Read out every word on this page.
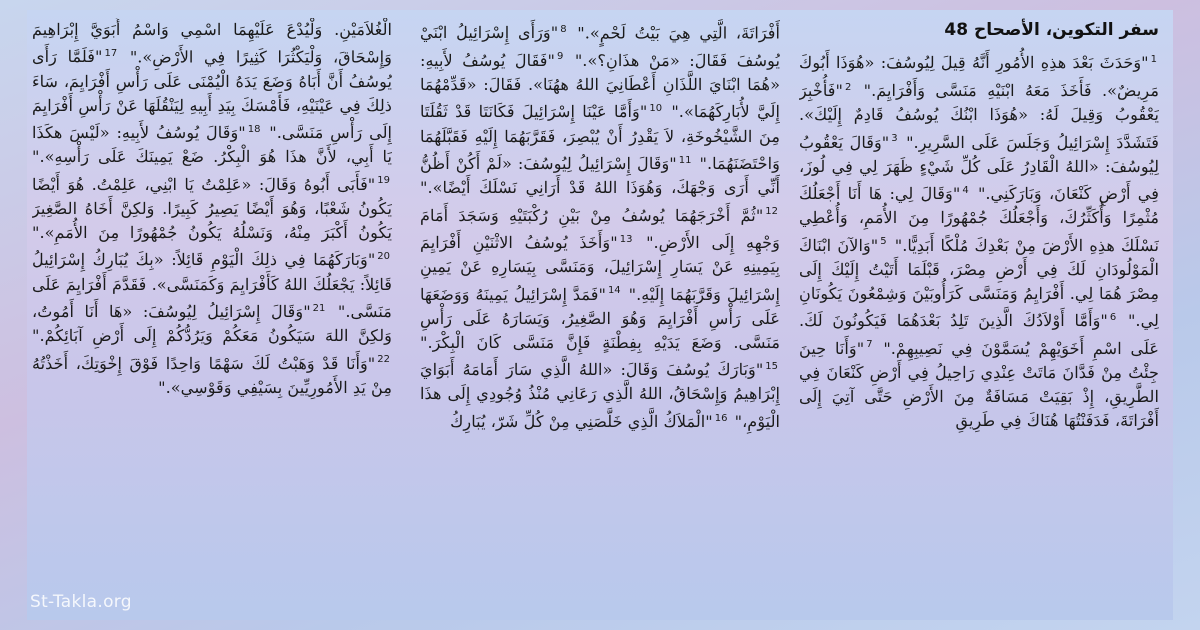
سفر التكوين، الأصحاح 48
$^1$"وَحَدَثَ بَعْدَ هذِهِ الأُمُورِ أَنَّهُ قِيلَ لِيُوسُفَ: «هُوَذَا أَبُوكَ مَرِيضٌ». فَأَخَذَ مَعَهُ ابْنَيْهِ مَنَسَّى وَأَفْرَايِمَ." $^2$"فَأُخْبِرَ يَعْقُوبُ وَقِيلَ لَهُ: «هُوَذَا ابْنُكَ يُوسُفُ قَادِمٌ إِلَيْكَ». فَتَشَدَّدَ إِسْرَائِيلُ وَجَلَسَ عَلَى السَّرِيرِ." $^3$"وَقَالَ يَعْقُوبُ لِيُوسُفَ: «اللهُ الْقَادِرُ عَلَى كُلِّ شَيْءٍ ظَهَرَ لِي فِي لُوزَ، فِي أَرْضِ كَنْعَانَ، وَبَارَكَنِي." $^4$"وَقَالَ لِي: هَا أَنَا أَجْعَلُكَ مُثْمِرًا وَأُكَثِّرُكَ، وَأَجْعَلُكَ جُمْهُورًا مِنَ الأُمَمِ، وَأُعْطِي نَسْلَكَ هذِهِ الأَرْضَ مِنْ بَعْدِكَ مُلْكًا أَبَدِيًّا." $^5$"وَالآنَ ابْنَاكَ الْمَوْلُودَانِ لَكَ فِي أَرْضِ مِصْرَ، قَبْلَمَا أَتَيْتُ إِلَيْكَ إِلَى مِصْرَ هُمَا لِي. أَفْرَايِمُ وَمَنَسَّى كَرَأُوبَيْنَ وَشِمْعُونَ يَكُونَانِ لِي." $^6$"وَأَمَّا أَوْلاَدُكَ الَّذِينَ تَلِدُ بَعْدَهُمَا فَيَكُونُونَ لَكَ. عَلَى اسْمِ أَخَوَيْهِمْ يُسَمَّوْنَ فِي نَصِيبِهِمْ." $^7$"وَأَنَا حِينَ جِئْتُ مِنْ فَدَّانَ مَاتَتْ عِنْدِي رَاحِيلُ فِي أَرْضِ كَنْعَانَ فِي الطَّرِيقِ، إِذْ بَقِيَتْ مَسَافَةٌ مِنَ الأَرْضِ حَتَّى آتِيَ إِلَى أَفْرَاتَةَ، فَدَفَنْتُهَا هُنَاكَ فِي طَرِيقِ
أَفْرَاتَةَ، الَّتِي هِيَ بَيْتُ لَحْمٍ»." $^8$"وَرَأَى إِسْرَائِيلُ ابْنَيْ يُوسُفَ فَقَالَ: «مَنْ هذَانِ؟»." $^9$"فَقَالَ يُوسُفُ لأَبِيهِ: «هُمَا ابْنَايَ اللَّذَانِ أَعْطَانِيَ اللهُ ههُنَا». فَقَالَ: «قَدِّمْهُمَا إِلَيَّ لأُبَارِكَهُمَا»." $^{10}$"وَأَمَّا عَيْنَا إِسْرَائِيلَ فَكَانَتَا قَدْ ثَقُلَتَا مِنَ الشَّيْخُوخَةِ، لاَ يَقْدِرُ أَنْ يُبْصِرَ، فَقَرَّبَهُمَا إِلَيْهِ فَقَبَّلَهُمَا وَاحْتَضَنَهُمَا." $^{11}$"وَقَالَ إِسْرَائِيلُ لِيُوسُفَ: «لَمْ أَكُنْ أَظُنُّ أَنِّي أَرَى وَجْهَكَ، وَهُوَذَا اللهُ قَدْ أَرَانِي نَسْلَكَ أَيْضًا»." $^{12}$"ثُمَّ أَخْرَجَهُمَا يُوسُفُ مِنْ بَيْنِ رُكْبَتَيْهِ وَسَجَدَ أَمَامَ وَجْهِهِ إِلَى الأَرْضِ." $^{13}$"وَأَخَذَ يُوسُفُ الاثْنَيْنِ أَفْرَايِمَ بِيَمِينِهِ عَنْ يَسَارِ إِسْرَائِيلَ، وَمَنَسَّى بِيَسَارِهِ عَنْ يَمِينِ إِسْرَائِيلَ وَقَرَّبَهُمَا إِلَيْهِ." $^{14}$"فَمَدَّ إِسْرَائِيلُ يَمِينَهُ وَوَضَعَهَا عَلَى رَأْسِ أَفْرَايِمَ وَهُوَ الصَّغِيرُ، وَيَسَارَهُ عَلَى رَأْسِ مَنَسَّى. وَضَعَ يَدَيْهِ بِفِطْنَةٍ فَإِنَّ مَنَسَّى كَانَ الْبِكْرَ." $^{15}$"وَبَارَكَ يُوسُفَ وَقَالَ: «اللهُ الَّذِي سَارَ أَمَامَهُ أَبَوَايَ إِبْرَاهِيمُ وَإِسْحَاقُ، اللهُ الَّذِي رَعَانِي مُنْذُ وُجُودِي إِلَى هذَا الْيَوْمِ،" $^{16}$"الْمَلاَكُ الَّذِي خَلَّصَنِي مِنْ كُلِّ شَرّ، يُبَارِكُ
الْغُلاَمَيْنِ. وَلْيُدْعَ عَلَيْهِمَا اسْمِي وَاسْمُ أَبَوَيَّ إِبْرَاهِيمَ وَإِسْحَاقَ، وَلْيَكْثُرَا كَثِيرًا فِي الأَرْضِ»." $^{17}$"فَلَمَّا رَأَى يُوسُفُ أَنَّ أَبَاهُ وَضَعَ يَدَهُ الْيُمْنَى عَلَى رَأْسِ أَفْرَايِمَ، سَاءَ ذلِكَ فِي عَيْنَيْهِ، فَأَمْسَكَ بِيَدِ أَبِيهِ لِيَنْقُلَهَا عَنْ رَأْسِ أَفْرَايِمَ إِلَى رَأْسِ مَنَسَّى." $^{18}$"وَقَالَ يُوسُفُ لأَبِيهِ: «لَيْسَ هكَذَا يَا أَبِي، لأَنَّ هذَا هُوَ الْبِكْرُ. ضَعْ يَمِينَكَ عَلَى رَأْسِهِ»." $^{19}$"فَأَبَى أَبُوهُ وَقَالَ: «عَلِمْتُ يَا ابْنِي، عَلِمْتُ. هُوَ أَيْضًا يَكُونُ شَعْبًا، وَهُوَ أَيْضًا يَصِيرُ كَبِيرًا. وَلكِنَّ أَخَاهُ الصَّغِيرَ يَكُونُ أَكْبَرَ مِنْهُ، وَنَسْلُهُ يَكُونُ جُمْهُورًا مِنَ الأُمَمِ»." $^{20}$"وَبَارَكَهُمَا فِي ذلِكَ الْيَوْمِ قَائِلاً: «بِكَ يُبَارِكُ إِسْرَائِيلُ قَائِلاً: يَجْعَلُكَ اللهُ كَأَفْرَايِمَ وَكَمَنَسَّى». فَقَدَّمَ أَفْرَايِمَ عَلَى مَنَسَّى." $^{21}$"وَقَالَ إِسْرَائِيلُ لِيُوسُفَ: «هَا أَنَا أَمُوتُ، وَلكِنَّ اللهَ سَيَكُونُ مَعَكُمْ وَيَرُدُّكُمْ إِلَى أَرْضِ آبَائِكُمْ." $^{22}$"وَأَنَا قَدْ وَهَبْتُ لَكَ سَهْمًا وَاحِدًا فَوْقَ إِخْوَتِكَ، أَخَذْتُهُ مِنْ يَدِ الأَمُورِيِّينَ بِسَيْفِي وَقَوْسِي»."
St-Takla.org
